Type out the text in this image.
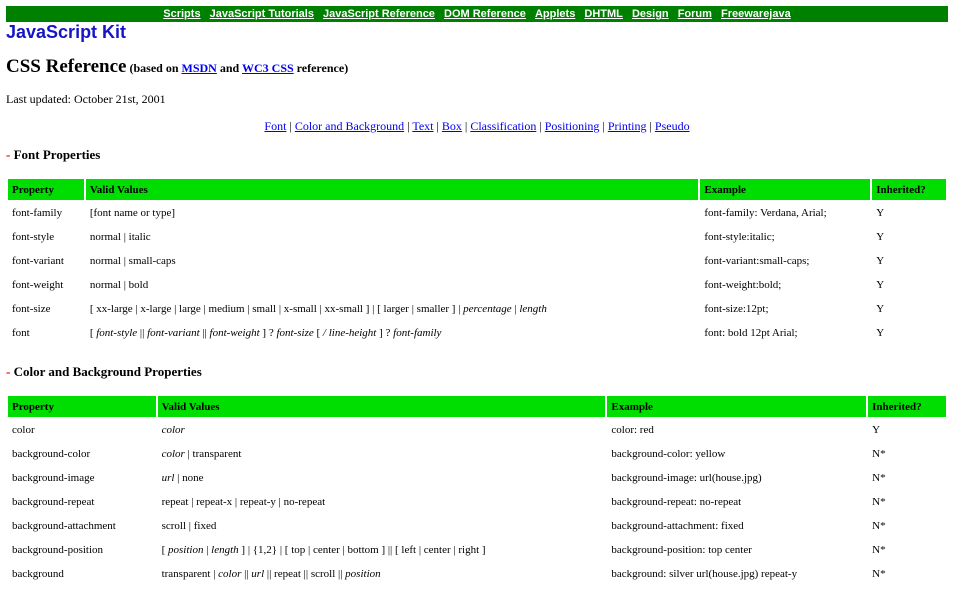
Scripts JavaScript Tutorials JavaScript Reference DOM Reference Applets DHTML Design Forum Freewarejava
JavaScript Kit
CSS Reference (based on MSDN and WC3 CSS reference)
Last updated: October 21st, 2001
Font | Color and Background | Text | Box | Classification | Positioning | Printing | Pseudo
- Font Properties
Property	Valid Values	Example	Inherited?
font-family	[font name or type]	font-family: Verdana, Arial;	Y
font-style	normal | italic	font-style:italic;	Y
font-variant	normal | small-caps	font-variant:small-caps;	Y
font-weight	normal | bold	font-weight:bold;	Y
font-size	[ xx-large | x-large | large | medium | small | x-small | xx-small ] | [ larger | smaller ] | percentage | length	font-size:12pt;	Y
font	[ font-style || font-variant || font-weight ] ? font-size [ / line-height ] ? font-family	font: bold 12pt Arial;	Y
- Color and Background Properties
Property	Valid Values	Example	Inherited?
color	color	color: red	Y
background-color	color | transparent	background-color: yellow	N*
background-image	url | none	background-image: url(house.jpg)	N*
background-repeat	repeat | repeat-x | repeat-y | no-repeat	background-repeat: no-repeat	N*
background-attachment	scroll | fixed	background-attachment: fixed	N*
background-position	[ position | length ] | {1,2} | [ top | center | bottom ] || [ left | center | right ]	background-position: top center	N*
background	transparent | color || url || repeat || scroll || position	background: silver url(house.jpg) repeat-y	N*
